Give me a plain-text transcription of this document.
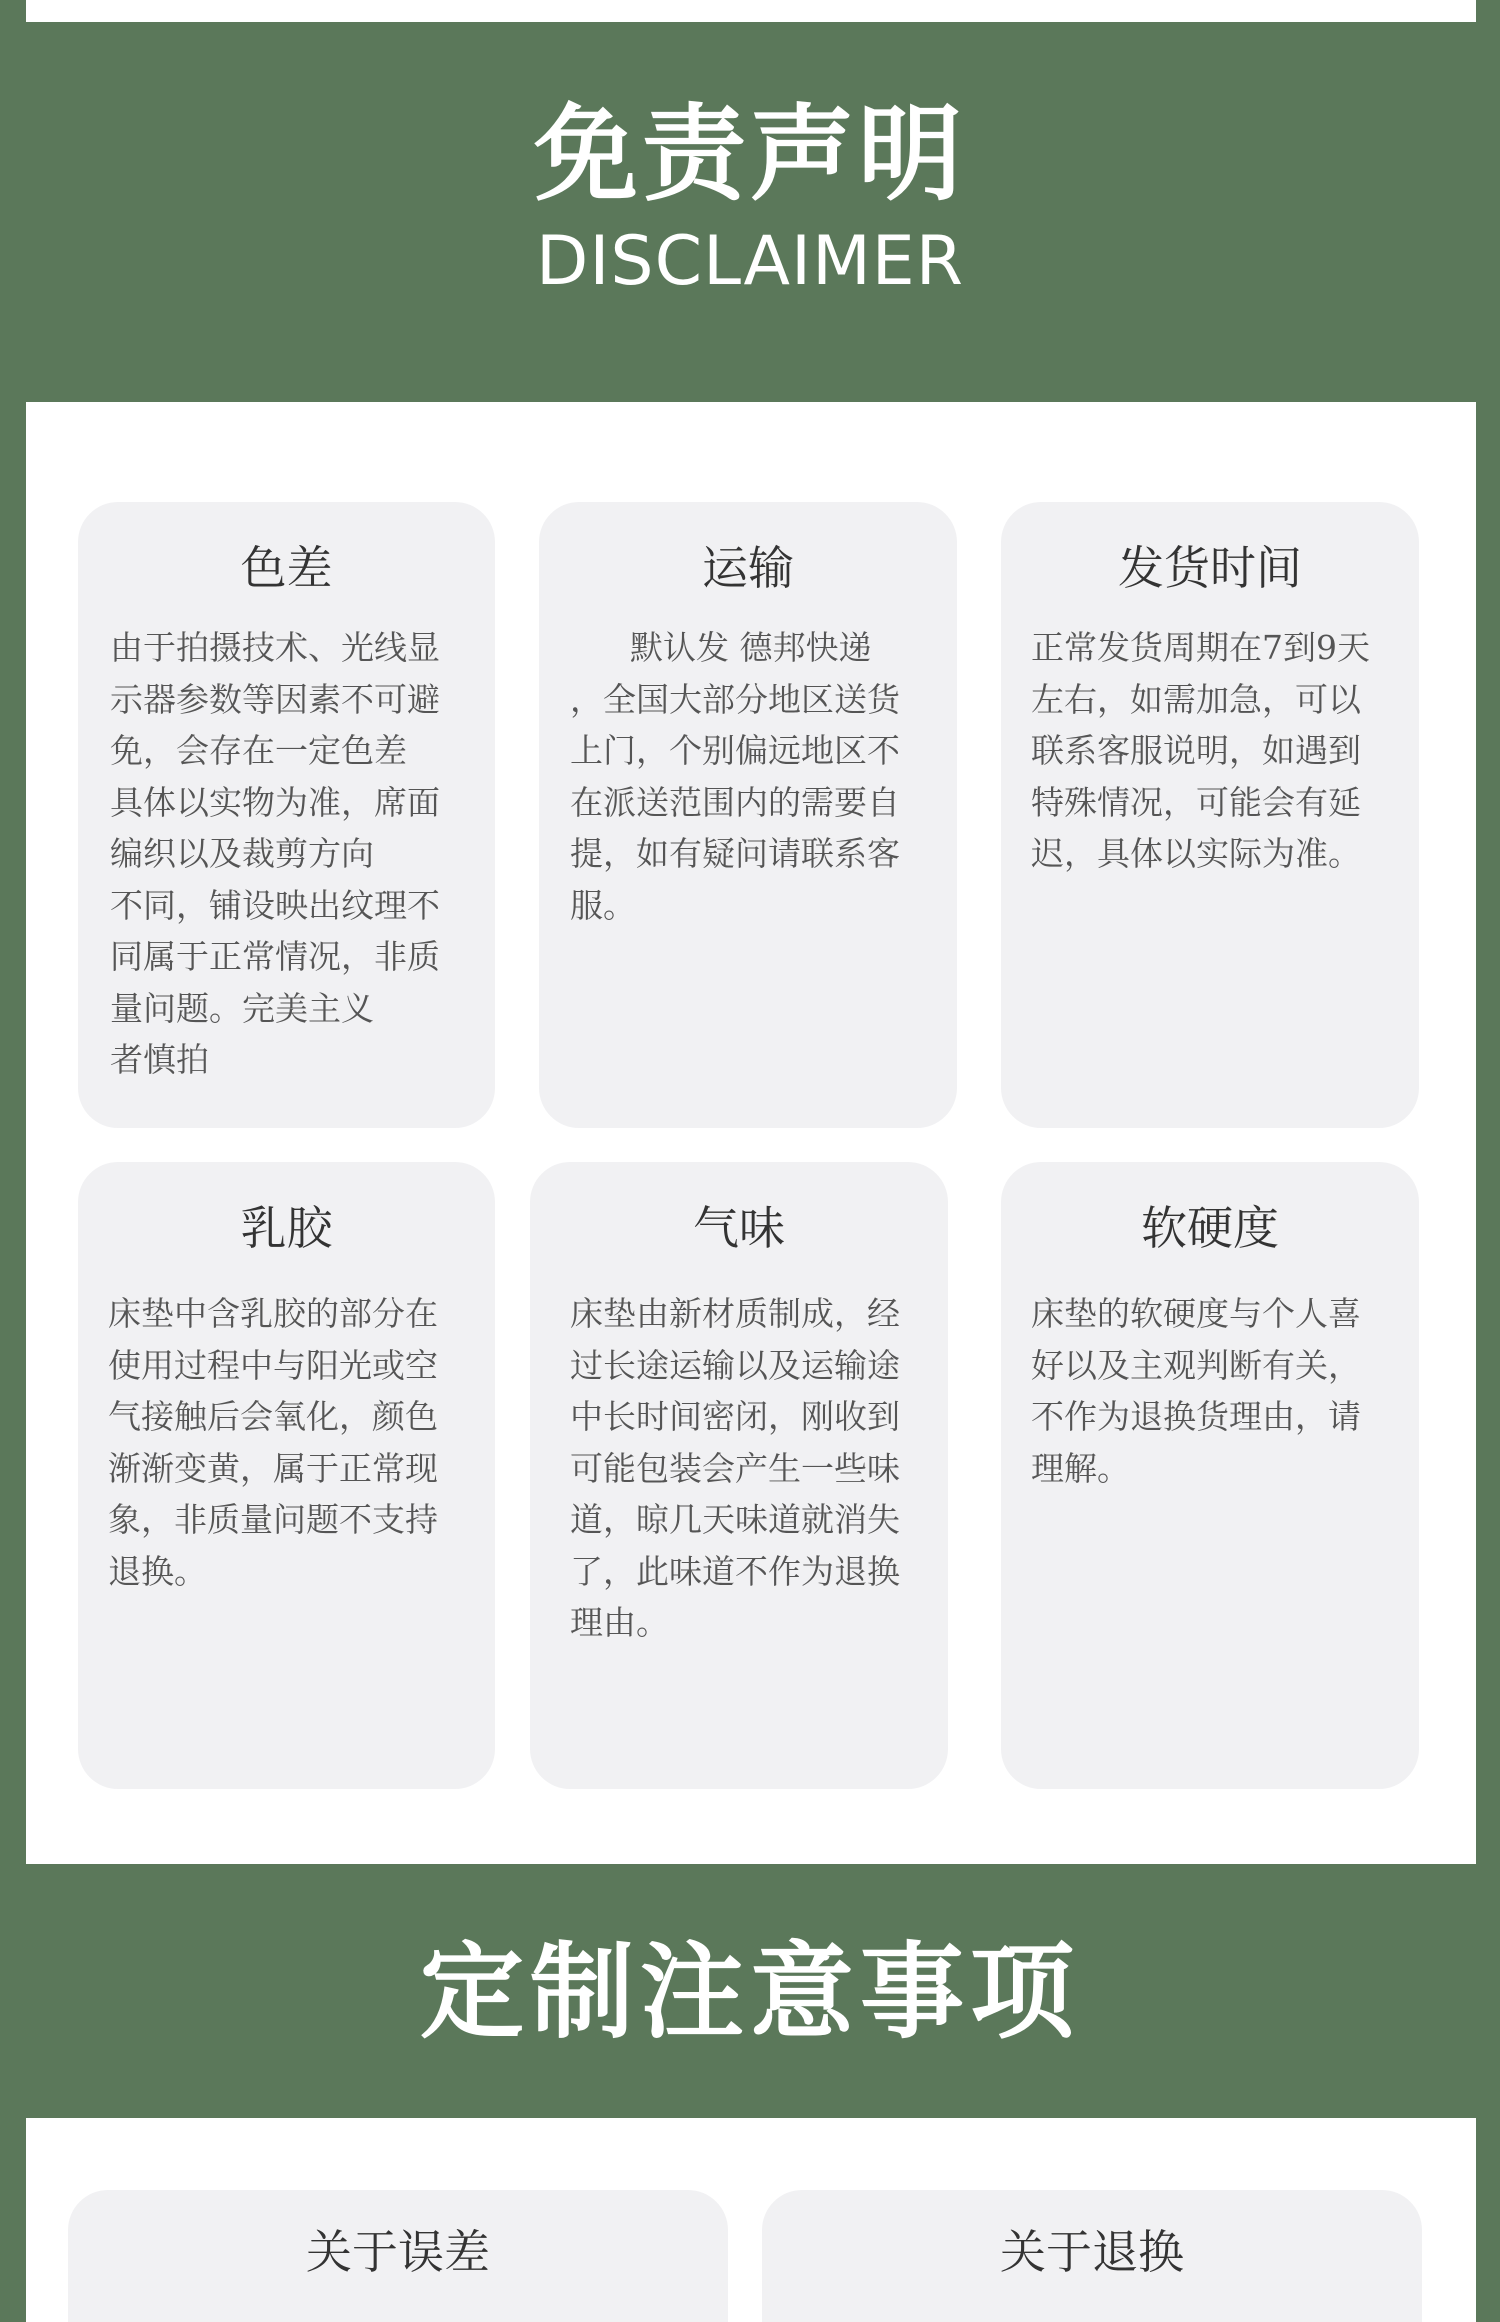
免责声明
DISCLAIMER
色差
由于拍摄技术、光线显
示器参数等因素不可避
免，会存在一定色差
具体以实物为准，席面
编织以及裁剪方向
不同，铺设映出纹理不
同属于正常情况，非质
量问题。完美主义
者慎拍
运输
默认发 德邦快递
，全国大部分地区送货
上门，个别偏远地区不
在派送范围内的需要自
提，如有疑问请联系客
服。
发货时间
正常发货周期在7到9天
左右，如需加急，可以
联系客服说明，如遇到
特殊情况，可能会有延
迟，具体以实际为准。
乳胶
床垫中含乳胶的部分在
使用过程中与阳光或空
气接触后会氧化，颜色
渐渐变黄，属于正常现
象，非质量问题不支持
退换。
气味
床垫由新材质制成，经
过长途运输以及运输途
中长时间密闭，刚收到
可能包装会产生一些味
道，晾几天味道就消失
了，此味道不作为退换
理由。
软硬度
床垫的软硬度与个人喜
好以及主观判断有关，
不作为退换货理由，请
理解。
定制注意事项
关于误差	关于退换
